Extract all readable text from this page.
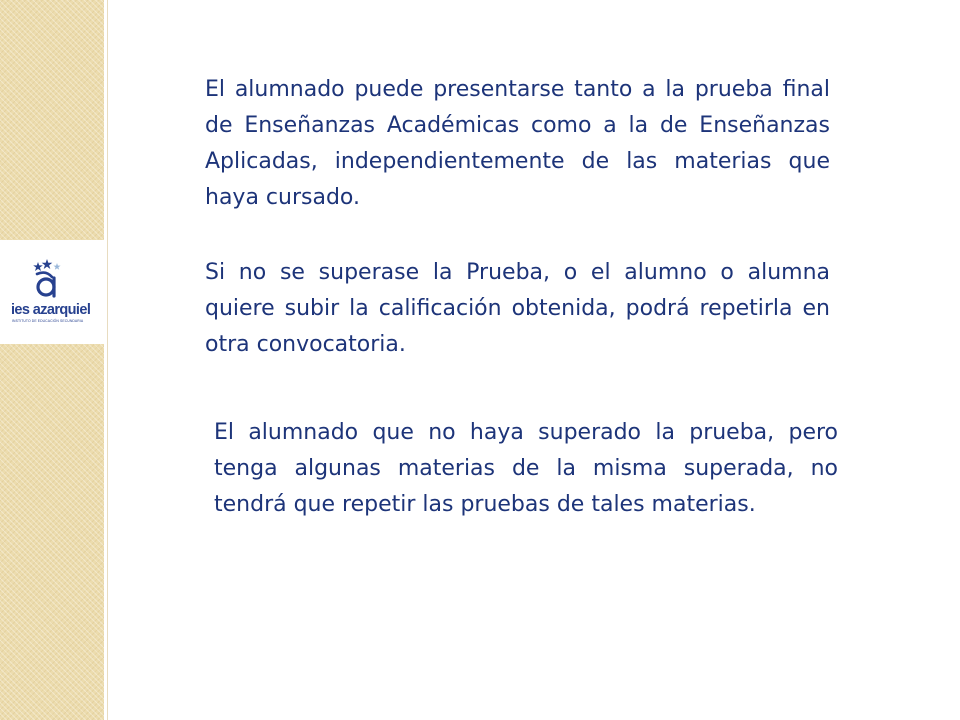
ies azarquiel
INSTITUTO DE EDUCACIÓN SECUNDARIA

El alumnado puede presentarse tanto a la prueba final de Enseñanzas Académicas como a la de Enseñanzas Aplicadas, independientemente de las materias que haya cursado.

Si no se superase la Prueba, o el alumno o alumna quiere subir la calificación obtenida, podrá repetirla en otra convocatoria.

El alumnado que no haya superado la prueba, pero tenga algunas materias de la misma superada, no tendrá que repetir las pruebas de tales materias.
